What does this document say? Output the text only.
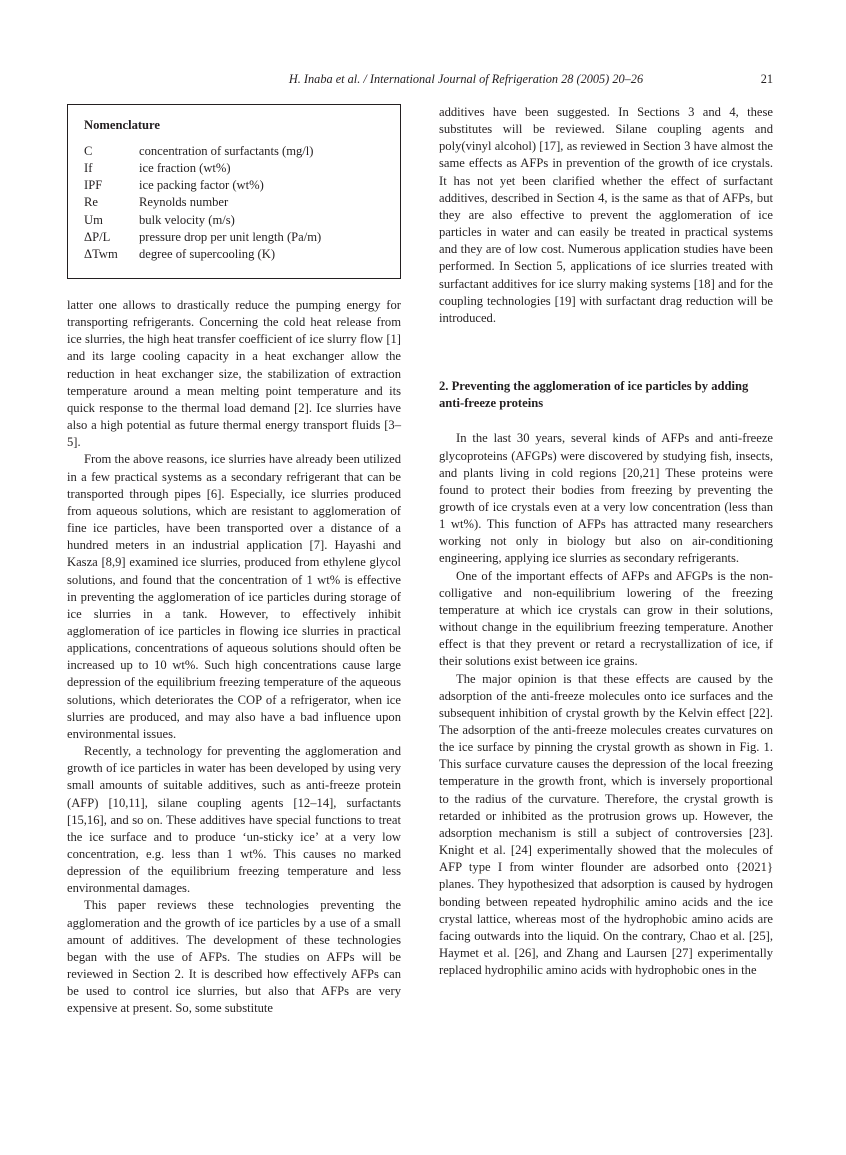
H. Inaba et al. / International Journal of Refrigeration 28 (2005) 20–26	21
Nomenclature
C	concentration of surfactants (mg/l)
If	ice fraction (wt%)
IPF	ice packing factor (wt%)
Re	Reynolds number
Um	bulk velocity (m/s)
ΔP/L	pressure drop per unit length (Pa/m)
ΔTwm	degree of supercooling (K)

latter one allows to drastically reduce the pumping energy for transporting refrigerants. Concerning the cold heat release from ice slurries, the high heat transfer coefficient of ice slurry flow [1] and its large cooling capacity in a heat exchanger allow the reduction in heat exchanger size, the stabilization of extraction temperature around a mean melting point temperature and its quick response to the thermal load demand [2]. Ice slurries have also a high potential as future thermal energy transport fluids [3–5].

From the above reasons, ice slurries have already been utilized in a few practical systems as a secondary refrigerant that can be transported through pipes [6]. Especially, ice slurries produced from aqueous solutions, which are resistant to agglomeration of fine ice particles, have been transported over a distance of a hundred meters in an industrial application [7]. Hayashi and Kasza [8,9] examined ice slurries, produced from ethylene glycol solutions, and found that the concentration of 1 wt% is effective in preventing the agglomeration of ice particles during storage of ice slurries in a tank. However, to effectively inhibit agglomeration of ice particles in flowing ice slurries in practical applications, concentrations of aqueous solutions should often be increased up to 10 wt%. Such high concentrations cause large depression of the equilibrium freezing temperature of the aqueous solutions, which deteriorates the COP of a refrigerator, when ice slurries are produced, and may also have a bad influence upon environmental issues.

Recently, a technology for preventing the agglomeration and growth of ice particles in water has been developed by using very small amounts of suitable additives, such as anti-freeze protein (AFP) [10,11], silane coupling agents [12–14], surfactants [15,16], and so on. These additives have special functions to treat the ice surface and to produce ‘un-sticky ice’ at a very low concentration, e.g. less than 1 wt%. This causes no marked depression of the equilibrium freezing temperature and less environmental damages.

This paper reviews these technologies preventing the agglomeration and the growth of ice particles by a use of a small amount of additives. The development of these technologies began with the use of AFPs. The studies on AFPs will be reviewed in Section 2. It is described how effectively AFPs can be used to control ice slurries, but also that AFPs are very expensive at present. So, some substitute

additives have been suggested. In Sections 3 and 4, these substitutes will be reviewed. Silane coupling agents and poly(vinyl alcohol) [17], as reviewed in Section 3 have almost the same effects as AFPs in prevention of the growth of ice crystals. It has not yet been clarified whether the effect of surfactant additives, described in Section 4, is the same as that of AFPs, but they are also effective to prevent the agglomeration of ice particles in water and can easily be treated in practical systems and they are of low cost. Numerous application studies have been performed. In Section 5, applications of ice slurries treated with surfactant additives for ice slurry making systems [18] and for the coupling technologies [19] with surfactant drag reduction will be introduced.

2. Preventing the agglomeration of ice particles by adding anti-freeze proteins

In the last 30 years, several kinds of AFPs and anti-freeze glycoproteins (AFGPs) were discovered by studying fish, insects, and plants living in cold regions [20,21] These proteins were found to protect their bodies from freezing by preventing the growth of ice crystals even at a very low concentration (less than 1 wt%). This function of AFPs has attracted many researchers working not only in biology but also on air-conditioning engineering, applying ice slurries as secondary refrigerants.

One of the important effects of AFPs and AFGPs is the non-colligative and non-equilibrium lowering of the freezing temperature at which ice crystals can grow in their solutions, without change in the equilibrium freezing temperature. Another effect is that they prevent or retard a recrystallization of ice, if their solutions exist between ice grains.

The major opinion is that these effects are caused by the adsorption of the anti-freeze molecules onto ice surfaces and the subsequent inhibition of crystal growth by the Kelvin effect [22]. The adsorption of the anti-freeze molecules creates curvatures on the ice surface by pinning the crystal growth as shown in Fig. 1. This surface curvature causes the depression of the local freezing temperature in the growth front, which is inversely proportional to the radius of the curvature. Therefore, the crystal growth is retarded or inhibited as the protrusion grows up. However, the adsorption mechanism is still a subject of controversies [23]. Knight et al. [24] experimentally showed that the molecules of AFP type I from winter flounder are adsorbed onto {2021} planes. They hypothesized that adsorption is caused by hydrogen bonding between repeated hydrophilic amino acids and the ice crystal lattice, whereas most of the hydrophobic amino acids are facing outwards into the liquid. On the contrary, Chao et al. [25], Haymet et al. [26], and Zhang and Laursen [27] experimentally replaced hydrophilic amino acids with hydrophobic ones in the
